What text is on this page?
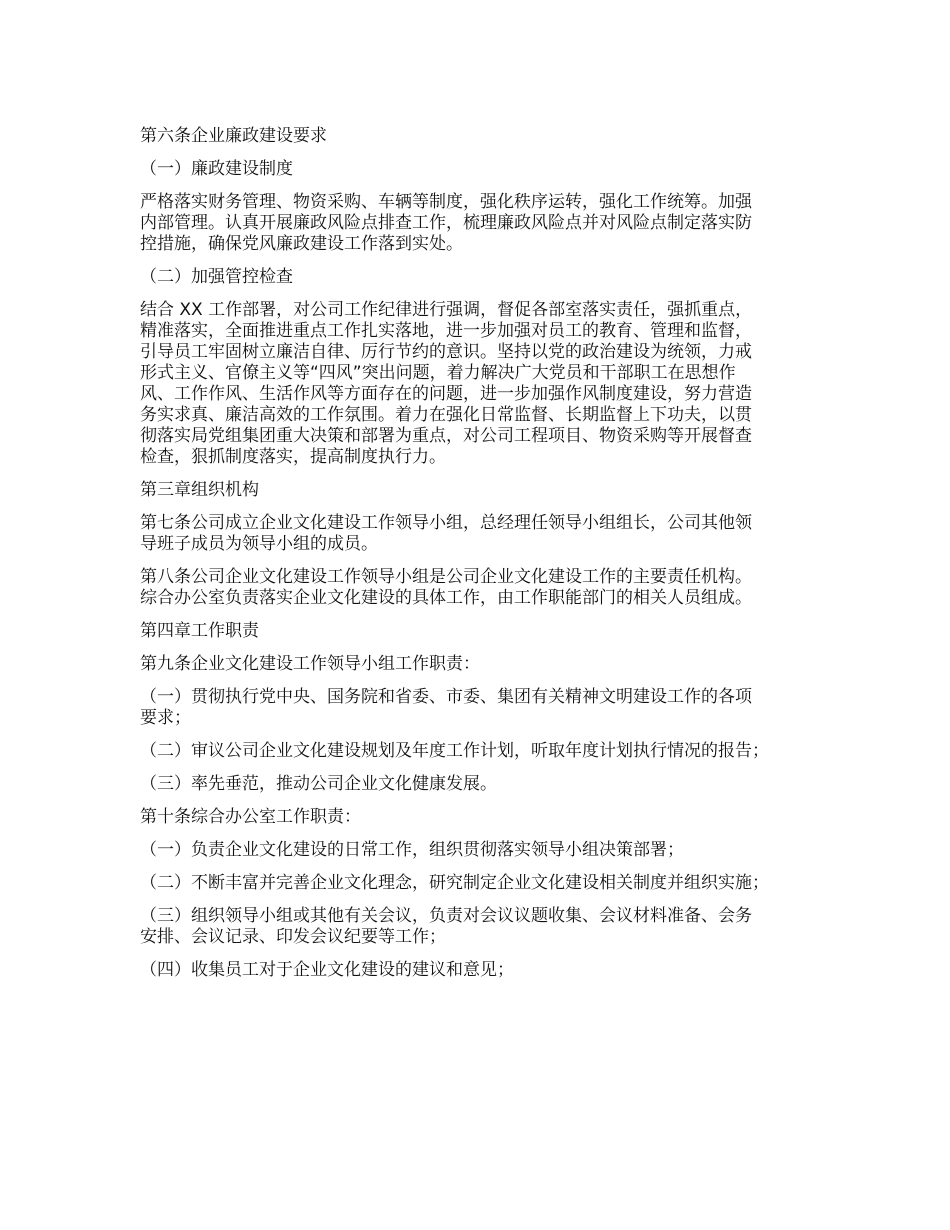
第六条企业廉政建设要求

（一）廉政建设制度

严格落实财务管理、物资采购、车辆等制度，强化秩序运转，强化工作统筹。加强
内部管理。认真开展廉政风险点排查工作，梳理廉政风险点并对风险点制定落实防
控措施，确保党风廉政建设工作落到实处。

（二）加强管控检查

结合 XX 工作部署，对公司工作纪律进行强调，督促各部室落实责任，强抓重点，
精准落实，全面推进重点工作扎实落地，进一步加强对员工的教育、管理和监督，
引导员工牢固树立廉洁自律、厉行节约的意识。坚持以党的政治建设为统领，力戒
形式主义、官僚主义等“四风”突出问题，着力解决广大党员和干部职工在思想作
风、工作作风、生活作风等方面存在的问题，进一步加强作风制度建设，努力营造
务实求真、廉洁高效的工作氛围。着力在强化日常监督、长期监督上下功夫，以贯
彻落实局党组集团重大决策和部署为重点，对公司工程项目、物资采购等开展督查
检查，狠抓制度落实，提高制度执行力。

第三章组织机构

第七条公司成立企业文化建设工作领导小组，总经理任领导小组组长，公司其他领
导班子成员为领导小组的成员。

第八条公司企业文化建设工作领导小组是公司企业文化建设工作的主要责任机构。
综合办公室负责落实企业文化建设的具体工作，由工作职能部门的相关人员组成。

第四章工作职责

第九条企业文化建设工作领导小组工作职责：

（一）贯彻执行党中央、国务院和省委、市委、集团有关精神文明建设工作的各项
要求；

（二）审议公司企业文化建设规划及年度工作计划，听取年度计划执行情况的报告；

（三）率先垂范，推动公司企业文化健康发展。

第十条综合办公室工作职责：

（一）负责企业文化建设的日常工作，组织贯彻落实领导小组决策部署；

（二）不断丰富并完善企业文化理念，研究制定企业文化建设相关制度并组织实施；

（三）组织领导小组或其他有关会议，负责对会议议题收集、会议材料准备、会务
安排、会议记录、印发会议纪要等工作；

（四）收集员工对于企业文化建设的建议和意见；
